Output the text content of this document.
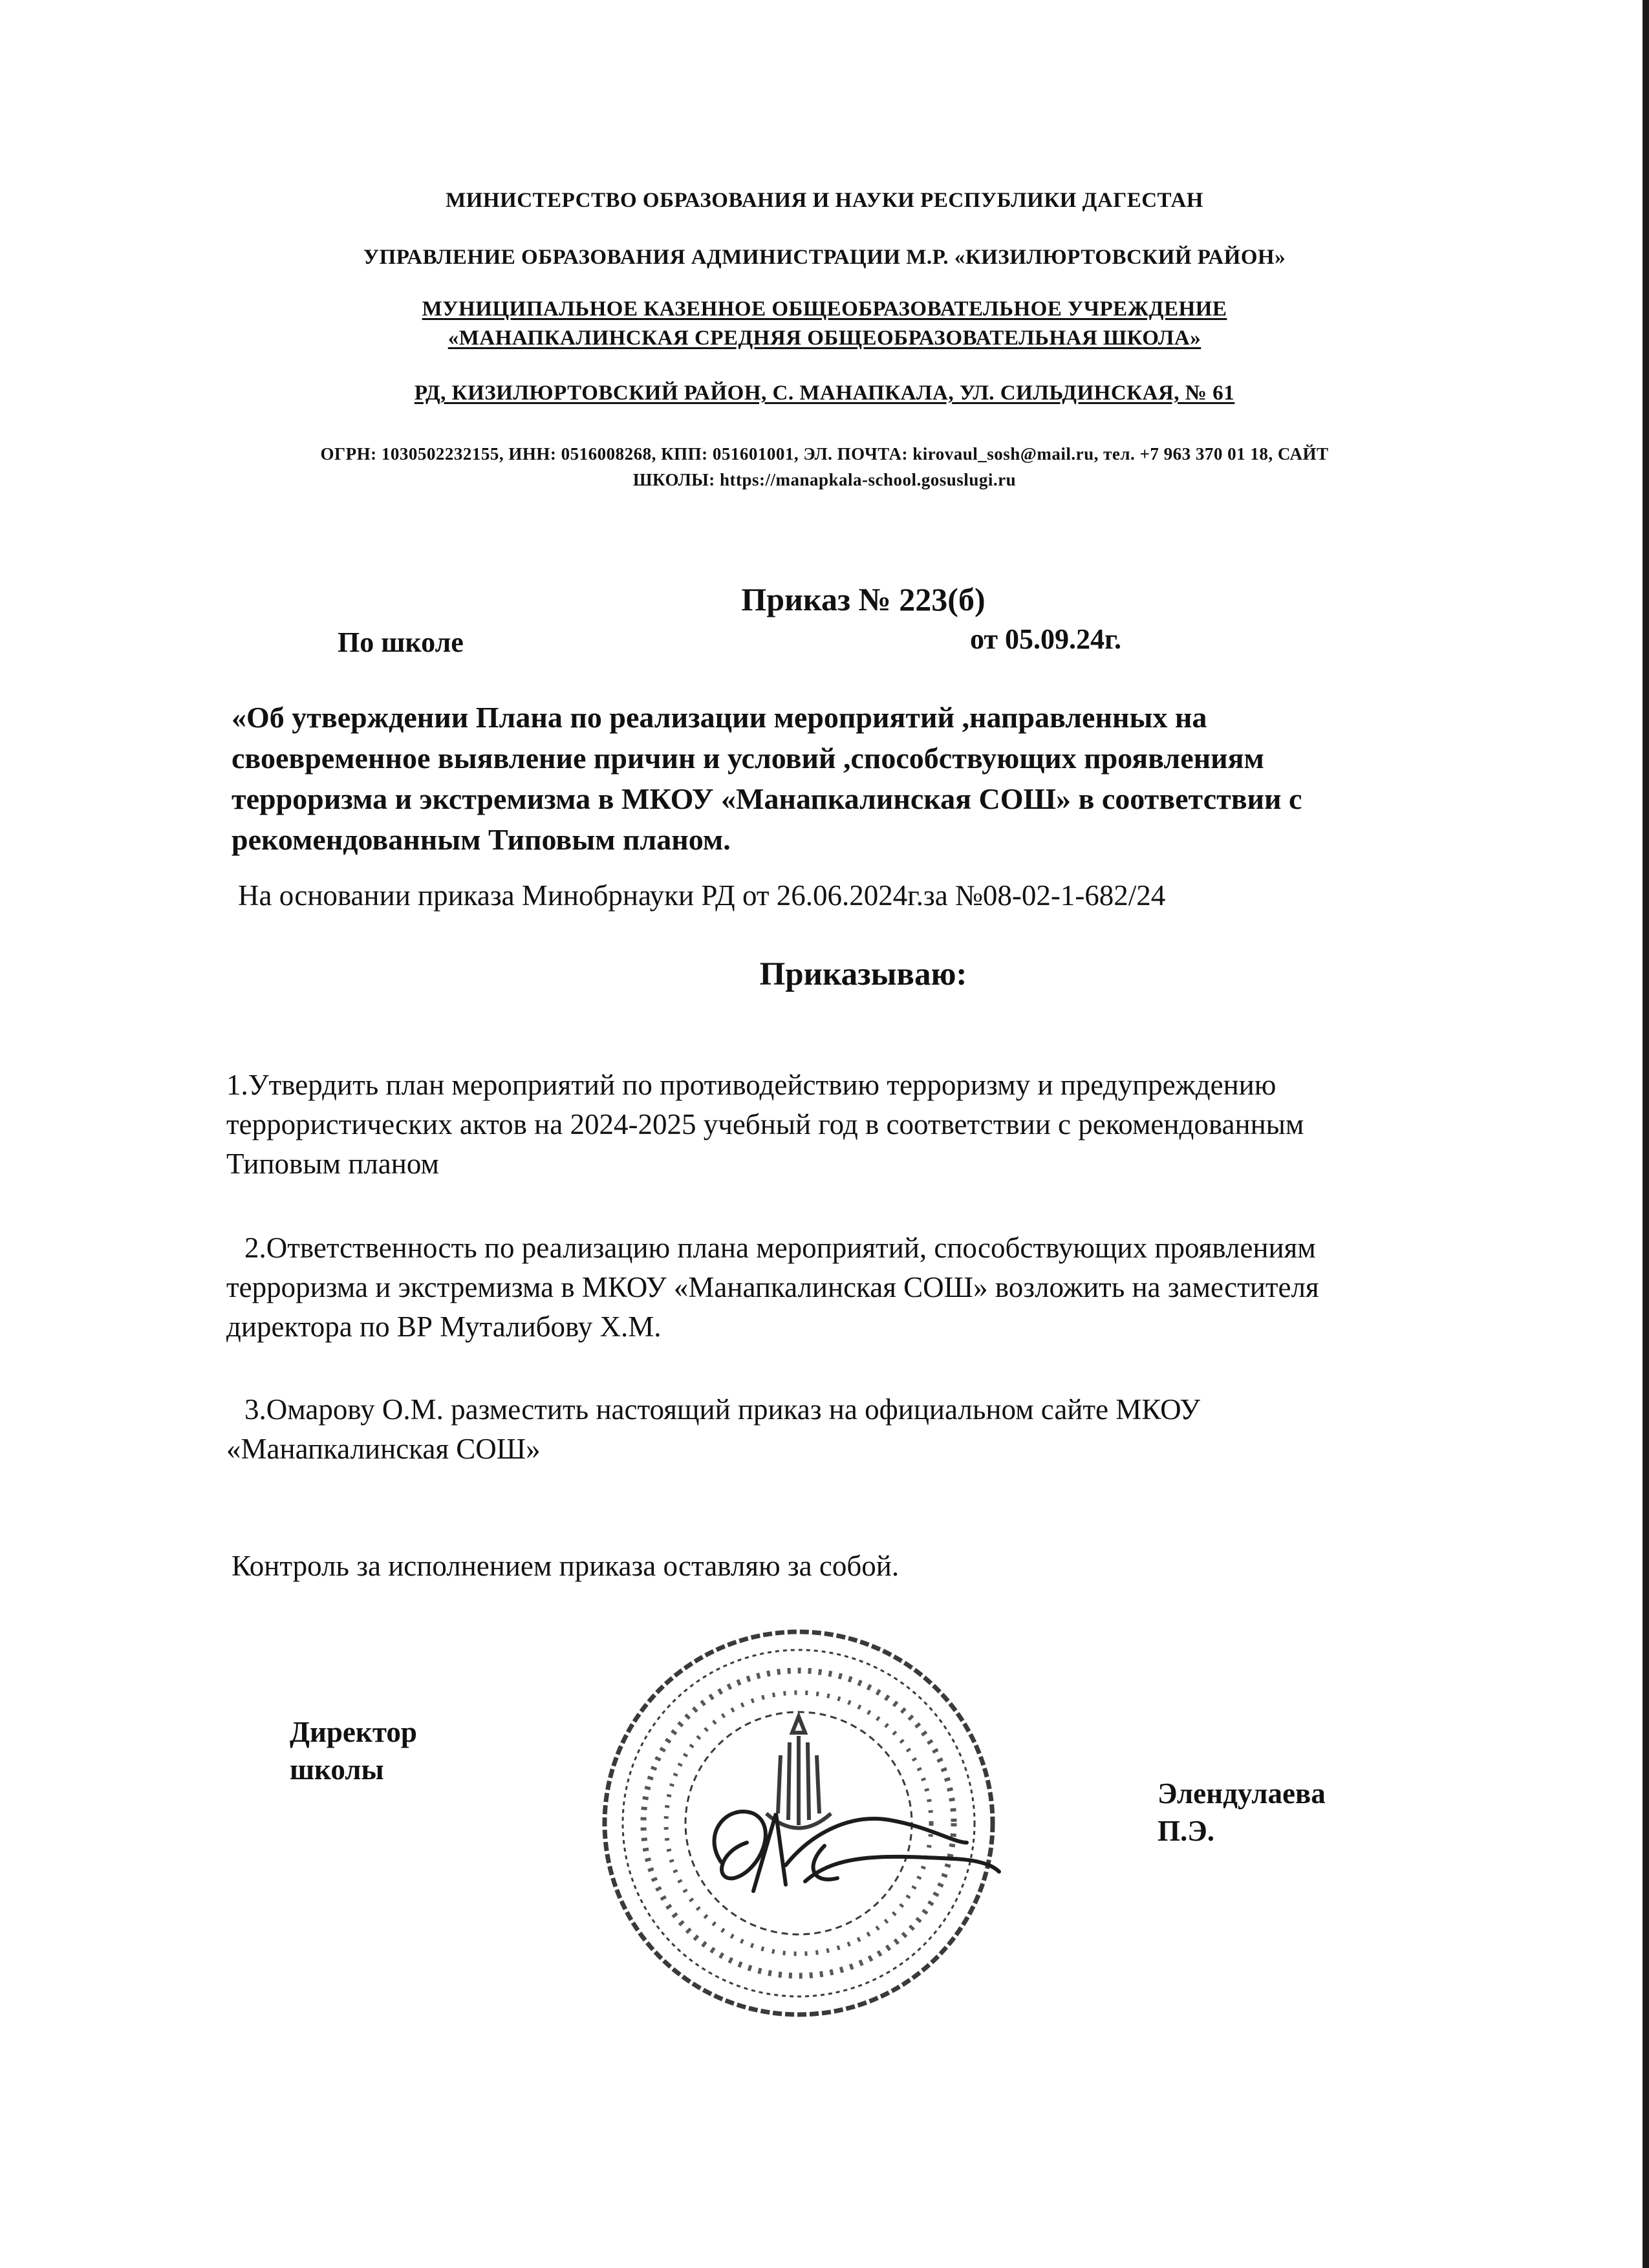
МИНИСТЕРСТВО ОБРАЗОВАНИЯ И НАУКИ РЕСПУБЛИКИ ДАГЕСТАН
УПРАВЛЕНИЕ ОБРАЗОВАНИЯ АДМИНИСТРАЦИИ М.Р. «КИЗИЛЮРТОВСКИЙ РАЙОН»
МУНИЦИПАЛЬНОЕ КАЗЕННОЕ ОБЩЕОБРАЗОВАТЕЛЬНОЕ УЧРЕЖДЕНИЕ
«МАНАПКАЛИНСКАЯ СРЕДНЯЯ ОБЩЕОБРАЗОВАТЕЛЬНАЯ ШКОЛА»
РД, КИЗИЛЮРТОВСКИЙ РАЙОН, С. МАНАПКАЛА, УЛ. СИЛЬДИНСКАЯ, № 61
ОГРН: 1030502232155, ИНН: 0516008268, КПП: 051601001, ЭЛ. ПОЧТА: kirovaul_sosh@mail.ru, тел. +7 963 370 01 18, САЙТ
ШКОЛЫ: https://manapkala-school.gosuslugi.ru
Приказ № 223(б)
По школе	от 05.09.24г.
«Об утверждении Плана по реализации мероприятий ,направленных на
своевременное выявление причин и условий ,способствующих проявлениям
терроризма и экстремизма в МКОУ «Манапкалинская СОШ» в соответствии с
рекомендованным Типовым планом.
На основании приказа Минобрнауки РД от 26.06.2024г.за №08-02-1-682/24
Приказываю:
1.Утвердить план мероприятий по противодействию терроризму и предупреждению
террористических актов на 2024-2025 учебный год в соответствии с рекомендованным
Типовым планом
2.Ответственность по реализацию плана мероприятий, способствующих проявлениям
терроризма и экстремизма в МКОУ «Манапкалинская СОШ» возложить на заместителя
директора по ВР Муталибову Х.М.
3.Омарову О.М. разместить настоящий приказ на официальном сайте МКОУ
«Манапкалинская СОШ»
Контроль за исполнением приказа оставляю за собой.
Директор
школы
Элендулаева
П.Э.
